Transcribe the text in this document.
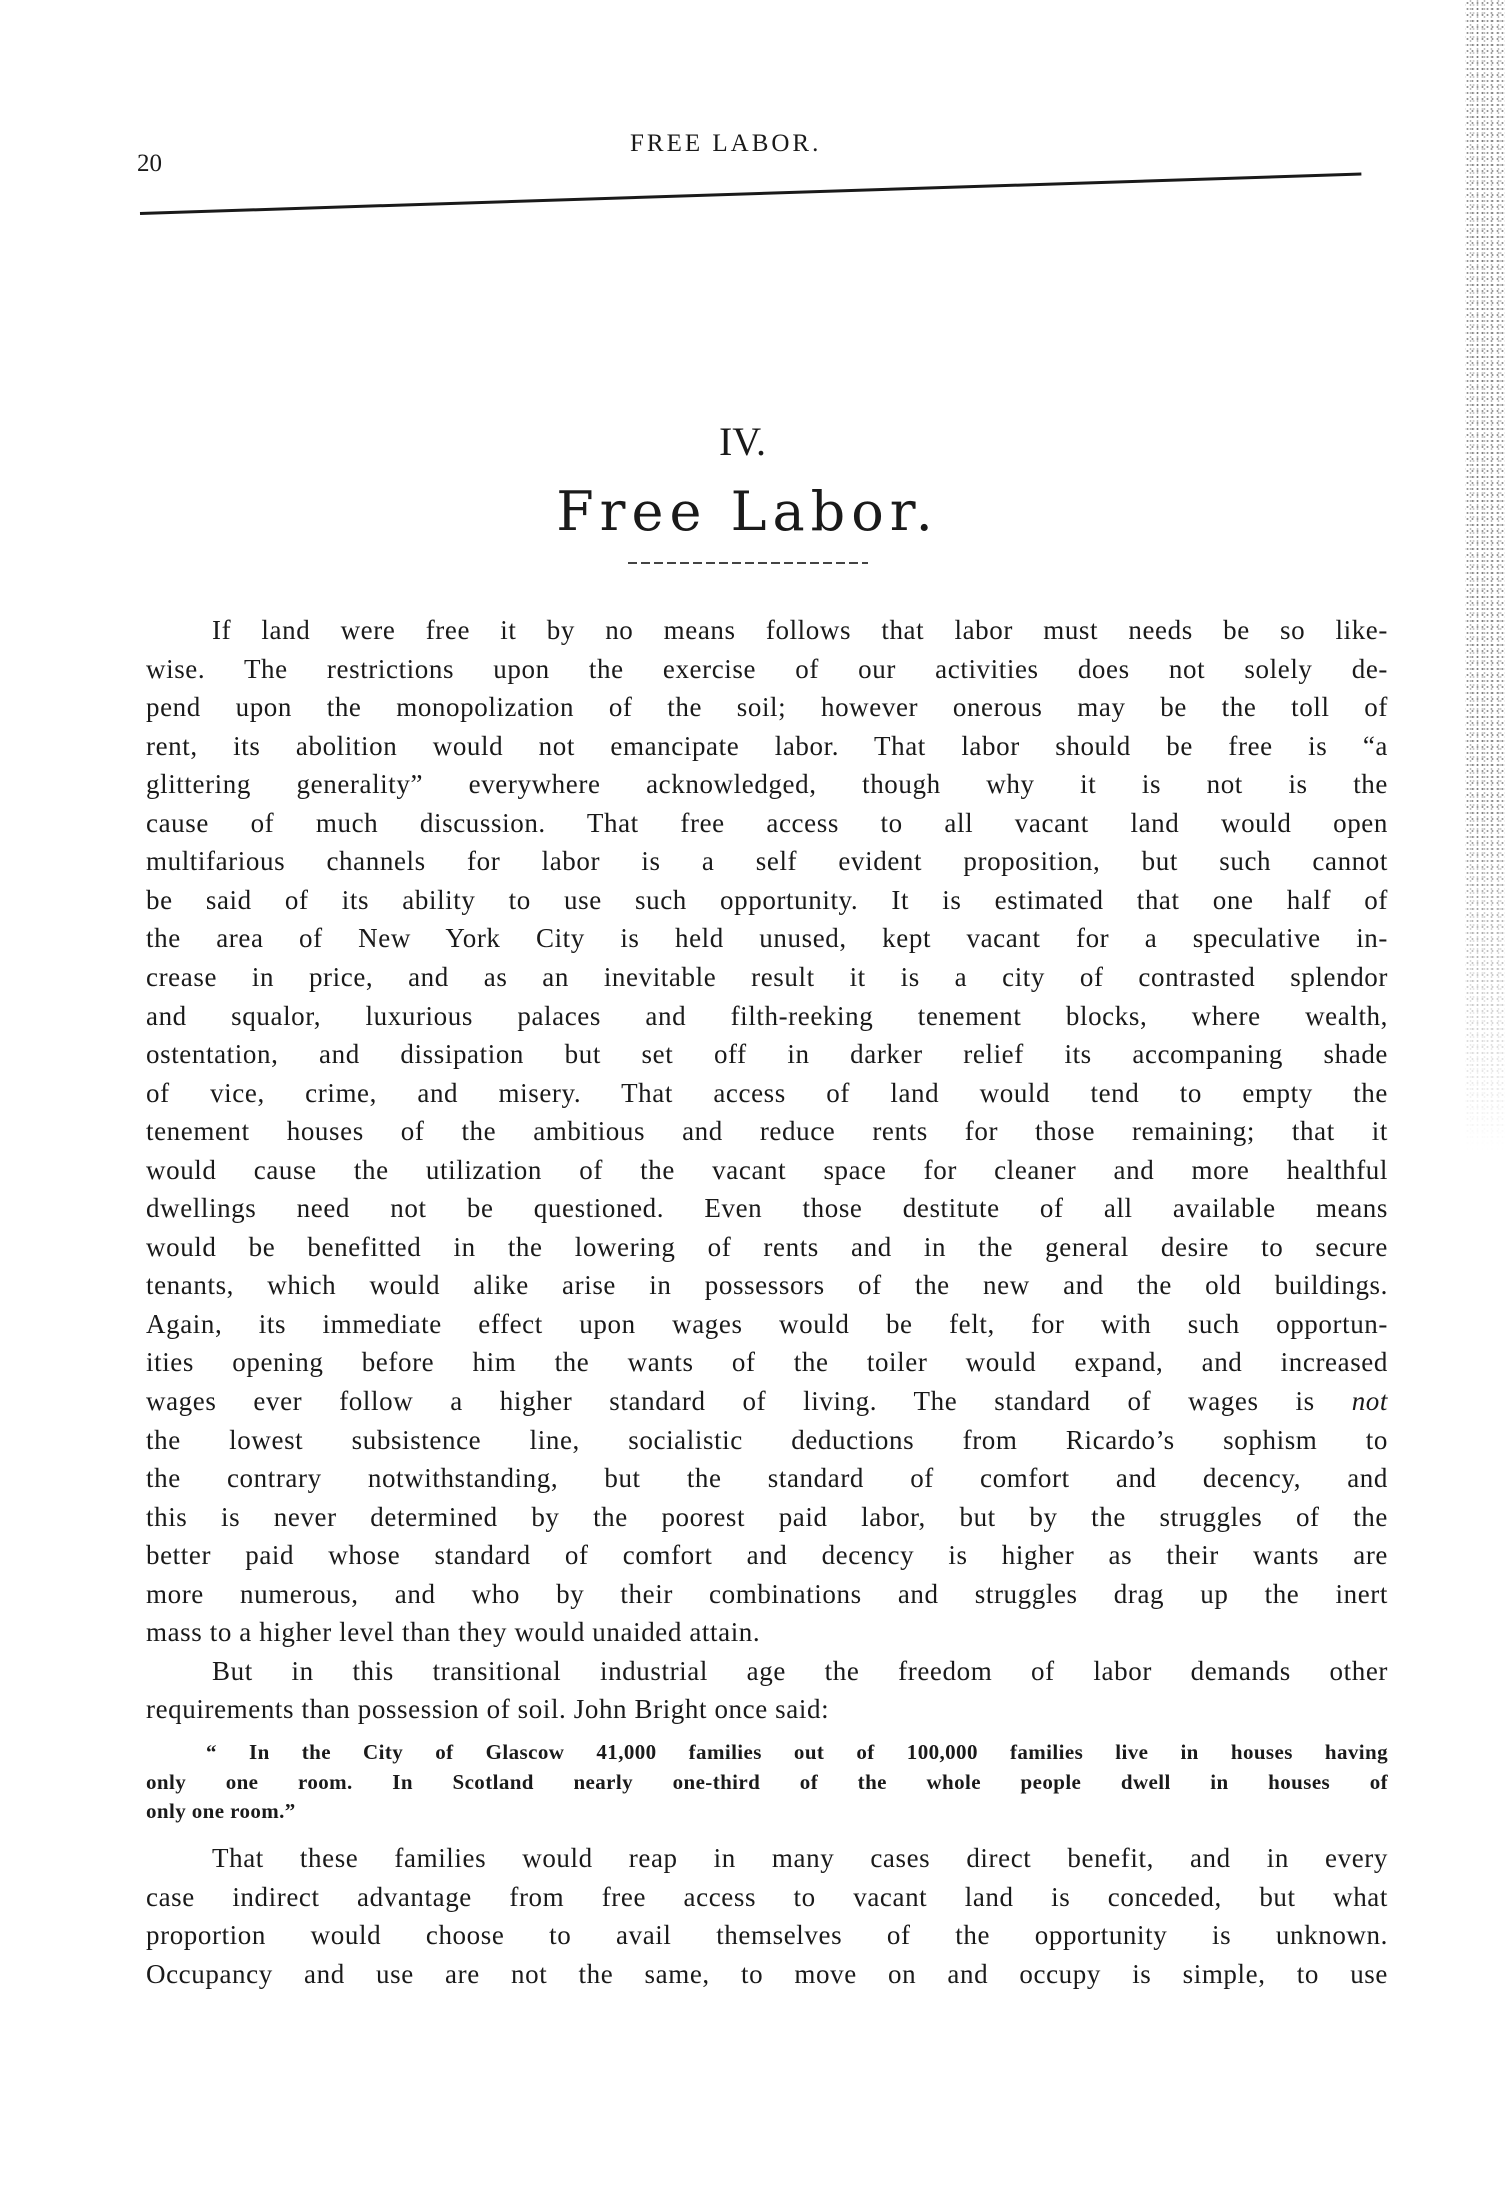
20
FREE LABOR.
IV.
Free Labor.
If land were free it by no means follows that labor must needs be so like-
wise. The restrictions upon the exercise of our activities does not solely de-
pend upon the monopolization of the soil; however onerous may be the toll of
rent, its abolition would not emancipate labor. That labor should be free is “a
glittering generality” everywhere acknowledged, though why it is not is the
cause of much discussion. That free access to all vacant land would open
multifarious channels for labor is a self evident proposition, but such cannot
be said of its ability to use such opportunity. It is estimated that one half of
the area of New York City is held unused, kept vacant for a speculative in-
crease in price, and as an inevitable result it is a city of contrasted splendor
and squalor, luxurious palaces and filth-reeking tenement blocks, where wealth,
ostentation, and dissipation but set off in darker relief its accompaning shade
of vice, crime, and misery. That access of land would tend to empty the
tenement houses of the ambitious and reduce rents for those remaining; that it
would cause the utilization of the vacant space for cleaner and more healthful
dwellings need not be questioned. Even those destitute of all available means
would be benefitted in the lowering of rents and in the general desire to secure
tenants, which would alike arise in possessors of the new and the old buildings.
Again, its immediate effect upon wages would be felt, for with such opportun-
ities opening before him the wants of the toiler would expand, and increased
wages ever follow a higher standard of living. The standard of wages is not
the lowest subsistence line, socialistic deductions from Ricardo’s sophism to
the contrary notwithstanding, but the standard of comfort and decency, and
this is never determined by the poorest paid labor, but by the struggles of the
better paid whose standard of comfort and decency is higher as their wants are
more numerous, and who by their combinations and struggles drag up the inert
mass to a higher level than they would unaided attain.
But in this transitional industrial age the freedom of labor demands other
requirements than possession of soil. John Bright once said:
“ In the City of Glascow 41,000 families out of 100,000 families live in houses having
only one room. In Scotland nearly one-third of the whole people dwell in houses of
only one room.”
That these families would reap in many cases direct benefit, and in every
case indirect advantage from free access to vacant land is conceded, but what
proportion would choose to avail themselves of the opportunity is unknown.
Occupancy and use are not the same, to move on and occupy is simple, to use
